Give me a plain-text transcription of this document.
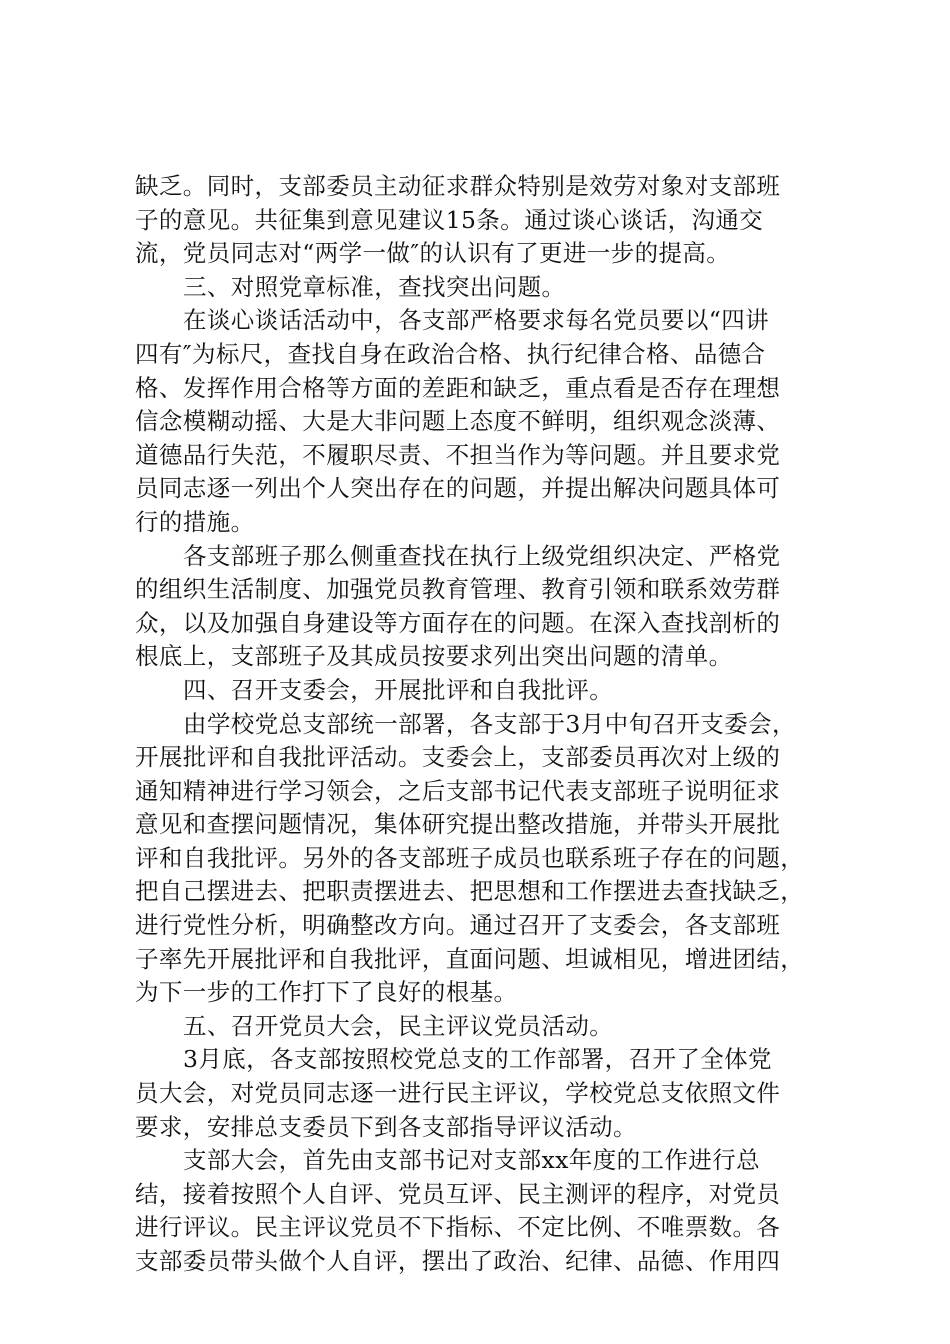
缺乏。同时，支部委员主动征求群众特别是效劳对象对支部班
子的意见。共征集到意见建议15条。通过谈心谈话，沟通交
流，党员同志对“两学一做″的认识有了更进一步的提高。
三、对照党章标准，查找突出问题。
在谈心谈话活动中，各支部严格要求每名党员要以“四讲
四有″为标尺，查找自身在政治合格、执行纪律合格、品德合
格、发挥作用合格等方面的差距和缺乏，重点看是否存在理想
信念模糊动摇、大是大非问题上态度不鲜明，组织观念淡薄、
道德品行失范，不履职尽责、不担当作为等问题。并且要求党
员同志逐一列出个人突出存在的问题，并提出解决问题具体可
行的措施。
各支部班子那么侧重查找在执行上级党组织决定、严格党
的组织生活制度、加强党员教育管理、教育引领和联系效劳群
众，以及加强自身建设等方面存在的问题。在深入查找剖析的
根底上，支部班子及其成员按要求列出突出问题的清单。
四、召开支委会，开展批评和自我批评。
由学校党总支部统一部署，各支部于3月中旬召开支委会，
开展批评和自我批评活动。支委会上，支部委员再次对上级的
通知精神进行学习领会，之后支部书记代表支部班子说明征求
意见和查摆问题情况，集体研究提出整改措施，并带头开展批
评和自我批评。另外的各支部班子成员也联系班子存在的问题，
把自己摆进去、把职责摆进去、把思想和工作摆进去查找缺乏，
进行党性分析，明确整改方向。通过召开了支委会，各支部班
子率先开展批评和自我批评，直面问题、坦诚相见，增进团结，
为下一步的工作打下了良好的根基。
五、召开党员大会，民主评议党员活动。
3月底，各支部按照校党总支的工作部署，召开了全体党
员大会，对党员同志逐一进行民主评议，学校党总支依照文件
要求，安排总支委员下到各支部指导评议活动。
支部大会，首先由支部书记对支部xx年度的工作进行总
结，接着按照个人自评、党员互评、民主测评的程序，对党员
进行评议。民主评议党员不下指标、不定比例、不唯票数。各
支部委员带头做个人自评，摆出了政治、纪律、品德、作用四
